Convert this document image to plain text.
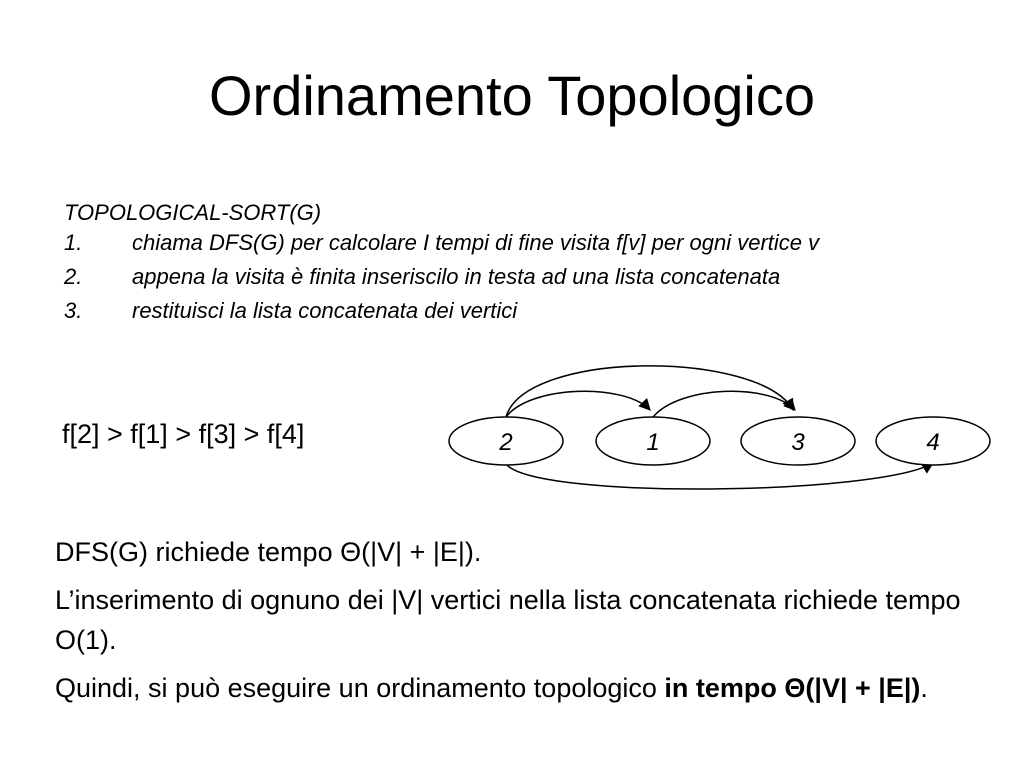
Ordinamento Topologico
TOPOLOGICAL-SORT(G)
1.	chiama DFS(G) per calcolare I tempi di fine visita f[v] per ogni vertice v
2.	appena la visita è finita inseriscilo in testa ad una lista concatenata
3.	restituisci la lista concatenata dei vertici
f[2] > f[1] > f[3] > f[4]	2	1	3	4

DFS(G) richiede tempo Θ(|V| + |E|).

L’inserimento di ognuno dei |V| vertici nella lista concatenata richiede tempo O(1).

Quindi, si può eseguire un ordinamento topologico in tempo Θ(|V| + |E|).
